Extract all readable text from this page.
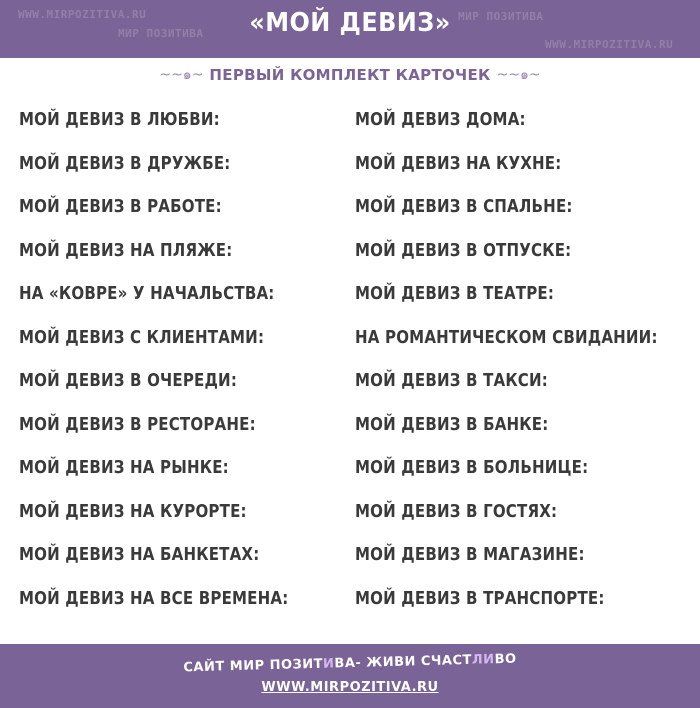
WWW.MIRPOZITIVA.RU
МИР ПОЗИТИВА
МИР ПОЗИТИВА
WWW.MIRPOZITIVA.RU
«МОЙ ДЕВИЗ»
~~๑~ ПЕРВЫЙ КОМПЛЕКТ КАРТОЧЕК ~~๑~
МОЙ ДЕВИЗ В ЛЮБВИ:	МОЙ ДЕВИЗ ДОМА:
МОЙ ДЕВИЗ В ДРУЖБЕ:	МОЙ ДЕВИЗ НА КУХНЕ:
МОЙ ДЕВИЗ В РАБОТЕ:	МОЙ ДЕВИЗ В СПАЛЬНЕ:
МОЙ ДЕВИЗ НА ПЛЯЖЕ:	МОЙ ДЕВИЗ В ОТПУСКЕ:
НА «КОВРЕ» У НАЧАЛЬСТВА:	МОЙ ДЕВИЗ В ТЕАТРЕ:
МОЙ ДЕВИЗ С КЛИЕНТАМИ:	НА РОМАНТИЧЕСКОМ СВИДАНИИ:
МОЙ ДЕВИЗ В ОЧЕРЕДИ:	МОЙ ДЕВИЗ В ТАКСИ:
МОЙ ДЕВИЗ В РЕСТОРАНЕ:	МОЙ ДЕВИЗ В БАНКЕ:
МОЙ ДЕВИЗ НА РЫНКЕ:	МОЙ ДЕВИЗ В БОЛЬНИЦЕ:
МОЙ ДЕВИЗ НА КУРОРТЕ:	МОЙ ДЕВИЗ В ГОСТЯХ:
МОЙ ДЕВИЗ НА БАНКЕТАХ:	МОЙ ДЕВИЗ В МАГАЗИНЕ:
МОЙ ДЕВИЗ НА ВСЕ ВРЕМЕНА:	МОЙ ДЕВИЗ В ТРАНСПОРТЕ:
САЙТ МИР ПОЗИТИВА- ЖИВИ СЧАСТЛИВО
WWW.MIRPOZITIVA.RU
